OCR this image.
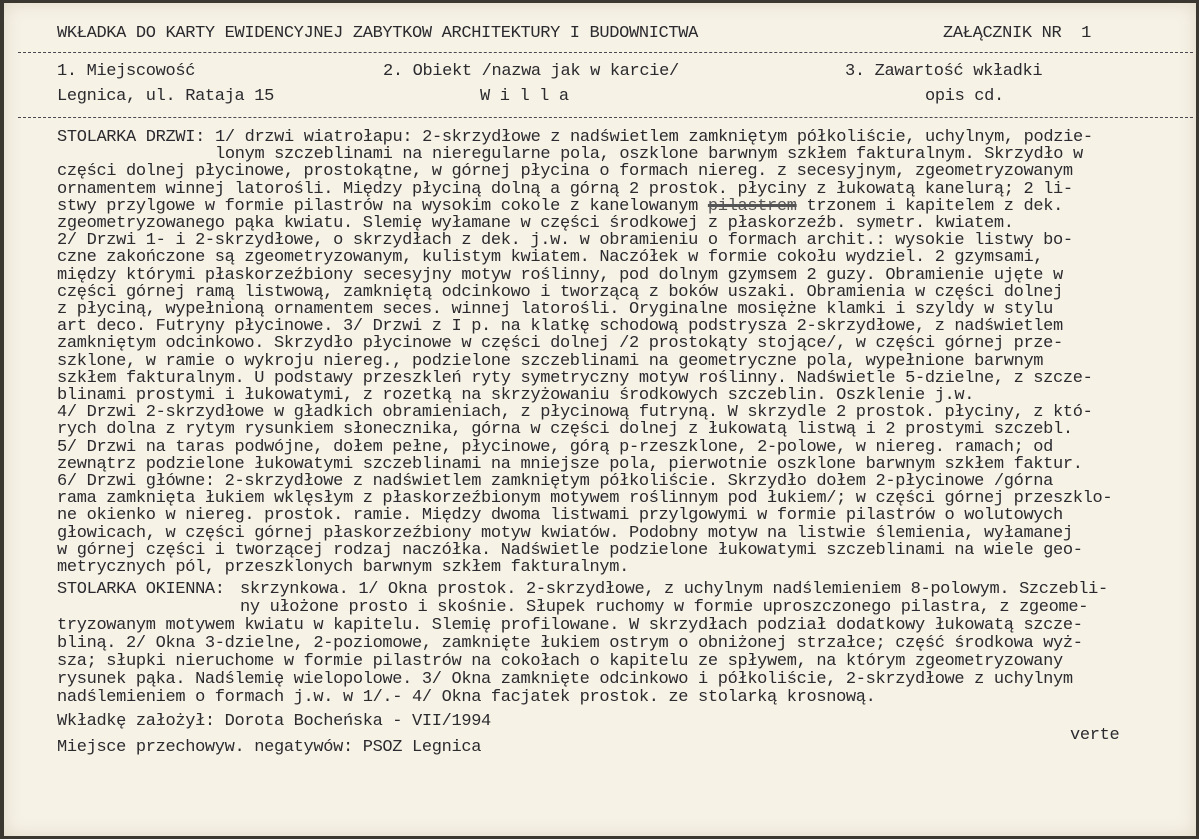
WKŁADKA DO KARTY EWIDENCYJNEJ ZABYTKOW ARCHITEKTURY I BUDOWNICTWA	ZAŁĄCZNIK NR  1
1. Miejscowość	2. Obiekt /nazwa jak w karcie/	3. Zawartość wkładki
Legnica, ul. Rataja 15	W i l l a	opis cd.
STOLARKA DRZWI: 1/ drzwi wiatrołapu: 2-skrzydłowe z nadświetlem zamkniętym półkoliście, uchylnym, podzie-
lonym szczeblinami na nieregularne pola, oszklone barwnym szkłem fakturalnym. Skrzydło w
części dolnej płycinowe, prostokątne, w górnej płycina o formach niereg. z secesyjnym, zgeometryzowanym
ornamentem winnej latorośli. Między płyciną dolną a górną 2 prostok. płyciny z łukowatą kanelurą; 2 li-
stwy przylgowe w formie pilastrów na wysokim cokole z kanelowanym pilastrem trzonem i kapitelem z dek.
zgeometryzowanego pąka kwiatu. Slemię wyłamane w części środkowej z płaskorzeźb. symetr. kwiatem.
2/ Drzwi 1- i 2-skrzydłowe, o skrzydłach z dek. j.w. w obramieniu o formach archit.: wysokie listwy bo-
czne zakończone są zgeometryzowanym, kulistym kwiatem. Naczółek w formie cokołu wydziel. 2 gzymsami,
między którymi płaskorzeźbiony secesyjny motyw roślinny, pod dolnym gzymsem 2 guzy. Obramienie ujęte w
części górnej ramą listwową, zamkniętą odcinkowo i tworzącą z boków uszaki. Obramienia w części dolnej
z płyciną, wypełnioną ornamentem seces. winnej latorośli. Oryginalne mosiężne klamki i szyldy w stylu
art deco. Futryny płycinowe. 3/ Drzwi z I p. na klatkę schodową podstrysza 2-skrzydłowe, z nadświetlem
zamkniętym odcinkowo. Skrzydło płycinowe w części dolnej /2 prostokąty stojące/, w części górnej prze-
szklone, w ramie o wykroju niereg., podzielone szczeblinami na geometryczne pola, wypełnione barwnym
szkłem fakturalnym. U podstawy przeszkleń ryty symetryczny motyw roślinny. Nadświetle 5-dzielne, z szcze-
blinami prostymi i łukowatymi, z rozetką na skrzyżowaniu środkowych szczeblin. Oszklenie j.w.
4/ Drzwi 2-skrzydłowe w gładkich obramieniach, z płycinową futryną. W skrzydle 2 prostok. płyciny, z któ-
rych dolna z rytym rysunkiem słonecznika, górna w części dolnej z łukowatą listwą i 2 prostymi szczebl.
5/ Drzwi na taras podwójne, dołem pełne, płycinowe, górą p-rzeszklone, 2-polowe, w niereg. ramach; od
zewnątrz podzielone łukowatymi szczeblinami na mniejsze pola, pierwotnie oszklone barwnym szkłem faktur.
6/ Drzwi główne: 2-skrzydłowe z nadświetlem zamkniętym półkoliście. Skrzydło dołem 2-płycinowe /górna
rama zamknięta łukiem wklęsłym z płaskorzeźbionym motywem roślinnym pod łukiem/; w części górnej przeszklo-
ne okienko w niereg. prostok. ramie. Między dwoma listwami przylgowymi w formie pilastrów o wolutowych
głowicach, w części górnej płaskorzeźbiony motyw kwiatów. Podobny motyw na listwie ślemienia, wyłamanej
w górnej części i tworzącej rodzaj naczółka. Nadświetle podzielone łukowatymi szczeblinami na wiele geo-
metrycznych pól, przeszklonych barwnym szkłem fakturalnym.
STOLARKA OKIENNA: skrzynkowa. 1/ Okna prostok. 2-skrzydłowe, z uchylnym nadślemieniem 8-polowym. Szczebli-
ny ułożone prosto i skośnie. Słupek ruchomy w formie uproszczonego pilastra, z zgeome-
tryzowanym motywem kwiatu w kapitelu. Slemię profilowane. W skrzydłach podział dodatkowy łukowatą szcze-
bliną. 2/ Okna 3-dzielne, 2-poziomowe, zamknięte łukiem ostrym o obniżonej strzałce; część środkowa wyż-
sza; słupki nieruchome w formie pilastrów na cokołach o kapitelu ze spływem, na którym zgeometryzowany
rysunek pąka. Nadślemię wielopolowe. 3/ Okna zamknięte odcinkowo i półkoliście, 2-skrzydłowe z uchylnym
nadślemieniem o formach j.w. w 1/.- 4/ Okna facjatek prostok. ze stolarką krosnową.
Wkładkę założył: Dorota Bocheńska - VII/1994
Miejsce przechowyw. negatywów: PSOZ Legnica
verte
